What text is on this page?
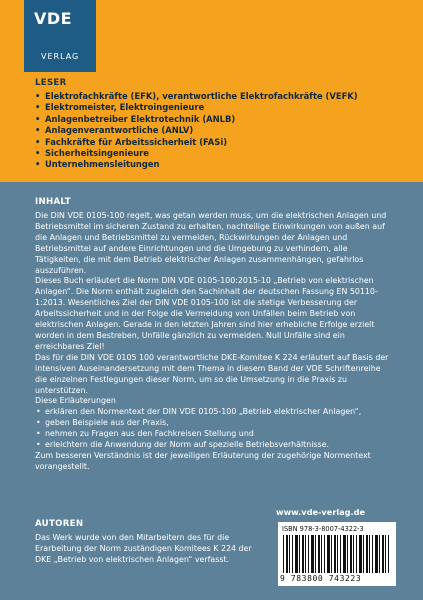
VDE
VERLAG
LESER
• Elektrofachkräfte (EFK), verantwortliche Elektrofachkräfte (VEFK)
• Elektromeister, Elektroingenieure
• Anlagenbetreiber Elektrotechnik (ANLB)
• Anlagenverantwortliche (ANLV)
• Fachkräfte für Arbeitssicherheit (FASi)
• Sicherheitsingenieure
• Unternehmensleitungen
INHALT

Die DIN VDE 0105-100 regelt, was getan werden muss, um die elektrischen Anlagen und Betriebsmittel im sicheren Zustand zu erhalten, nachteilige Einwirkungen von außen auf die Anlagen und Betriebsmittel zu vermeiden, Rückwirkungen der Anlagen und Betriebsmittel auf andere Einrichtungen und die Umgebung zu verhindern, alle Tätigkeiten, die mit dem Betrieb elektrischer Anlagen zusammenhängen, gefahrlos auszuführen.

Dieses Buch erläutert die Norm DIN VDE 0105-100:2015-10 „Betrieb von elektrischen Anlagen“. Die Norm enthält zugleich den Sachinhalt der deutschen Fassung EN 50110-1:2013. Wesentliches Ziel der DIN VDE 0105-100 ist die stetige Verbesserung der Arbeitssicherheit und in der Folge die Vermeidung von Unfällen beim Betrieb von elektrischen Anlagen. Gerade in den letzten Jahren sind hier erhebliche Erfolge erzielt worden in dem Bestreben, Unfälle gänzlich zu vermeiden. Null Unfälle sind ein erreichbares Ziel!

Das für die DIN VDE 0105 100 verantwortliche DKE-Komitee K 224 erläutert auf Basis der intensiven Auseinandersetzung mit dem Thema in diesem Band der VDE Schriftenreihe die einzelnen Festlegungen dieser Norm, um so die Umsetzung in die Praxis zu unterstützen.

Diese Erläuterungen

• erklären den Normentext der DIN VDE 0105-100 „Betrieb elektrischer Anlagen“,
• geben Beispiele aus der Praxis,
• nehmen zu Fragen aus den Fachkreisen Stellung und
• erleichtern die Anwendung der Norm auf spezielle Betriebsverhältnisse.

Zum besseren Verständnis ist der jeweiligen Erläuterung der zugehörige Normentext vorangestellt.

AUTOREN
Das Werk wurde von den Mitarbeitern des für die Erarbeitung der Norm zuständigen Komitees K 224 der DKE „Betrieb von elektrischen Anlagen“ verfasst.
www.vde-verlag.de
ISBN 978-3-8007-4322-3
9 783800 743223
